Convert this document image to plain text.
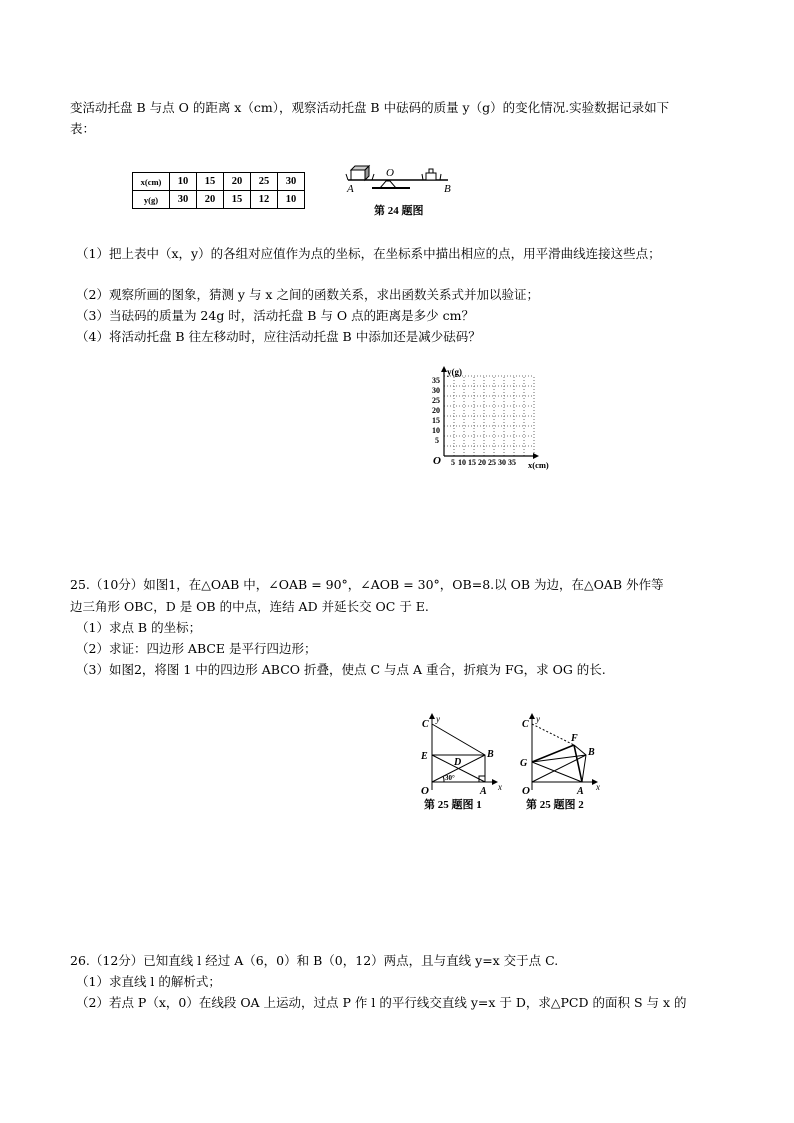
变活动托盘 B 与点 O 的距离 x（cm），观察活动托盘 B 中砝码的质量 y（g）的变化情况.实验数据记录如下
表：
x(cm)	10	15	20	25	30
y(g)	30	20	15	12	10
A
O
B
第 24 题图
（1）把上表中（x，y）的各组对应值作为点的坐标，在坐标系中描出相应的点，用平滑曲线连接这些点；
（2）观察所画的图象，猜测 y 与 x 之间的函数关系，求出函数关系式并加以验证；
（3）当砝码的质量为 24g 时，活动托盘 B 与 O 点的距离是多少 cm？
（4）将活动托盘 B 往左移动时，应往活动托盘 B 中添加还是减少砝码？
y(g)
x(cm)
O
35
30
25
20
15
10
5
5 10 15 20 25 30 35
25.（10分）如图1，在△OAB 中，∠OAB = 90°，∠AOB = 30°，OB=8.以 OB 为边，在△OAB 外作等
边三角形 OBC，D 是 OB 的中点，连结 AD 并延长交 OC 于 E.
（1）求点 B 的坐标；
（2）求证：四边形 ABCE 是平行四边形；
（3）如图2，将图 1 中的四边形 ABCO 折叠，使点 C 与点 A 重合，折痕为 FG，求 OG 的长.
C y
E
D
B
30°
O	A x
第 25 题图 1
C y
F
B
G
O	A x
第 25 题图 2
26.（12分）已知直线 l 经过 A（6，0）和 B（0，12）两点，且与直线 y=x 交于点 C.
（1）求直线 l 的解析式；
（2）若点 P（x，0）在线段 OA 上运动，过点 P 作 l 的平行线交直线 y=x 于 D，求△PCD 的面积 S 与 x 的
